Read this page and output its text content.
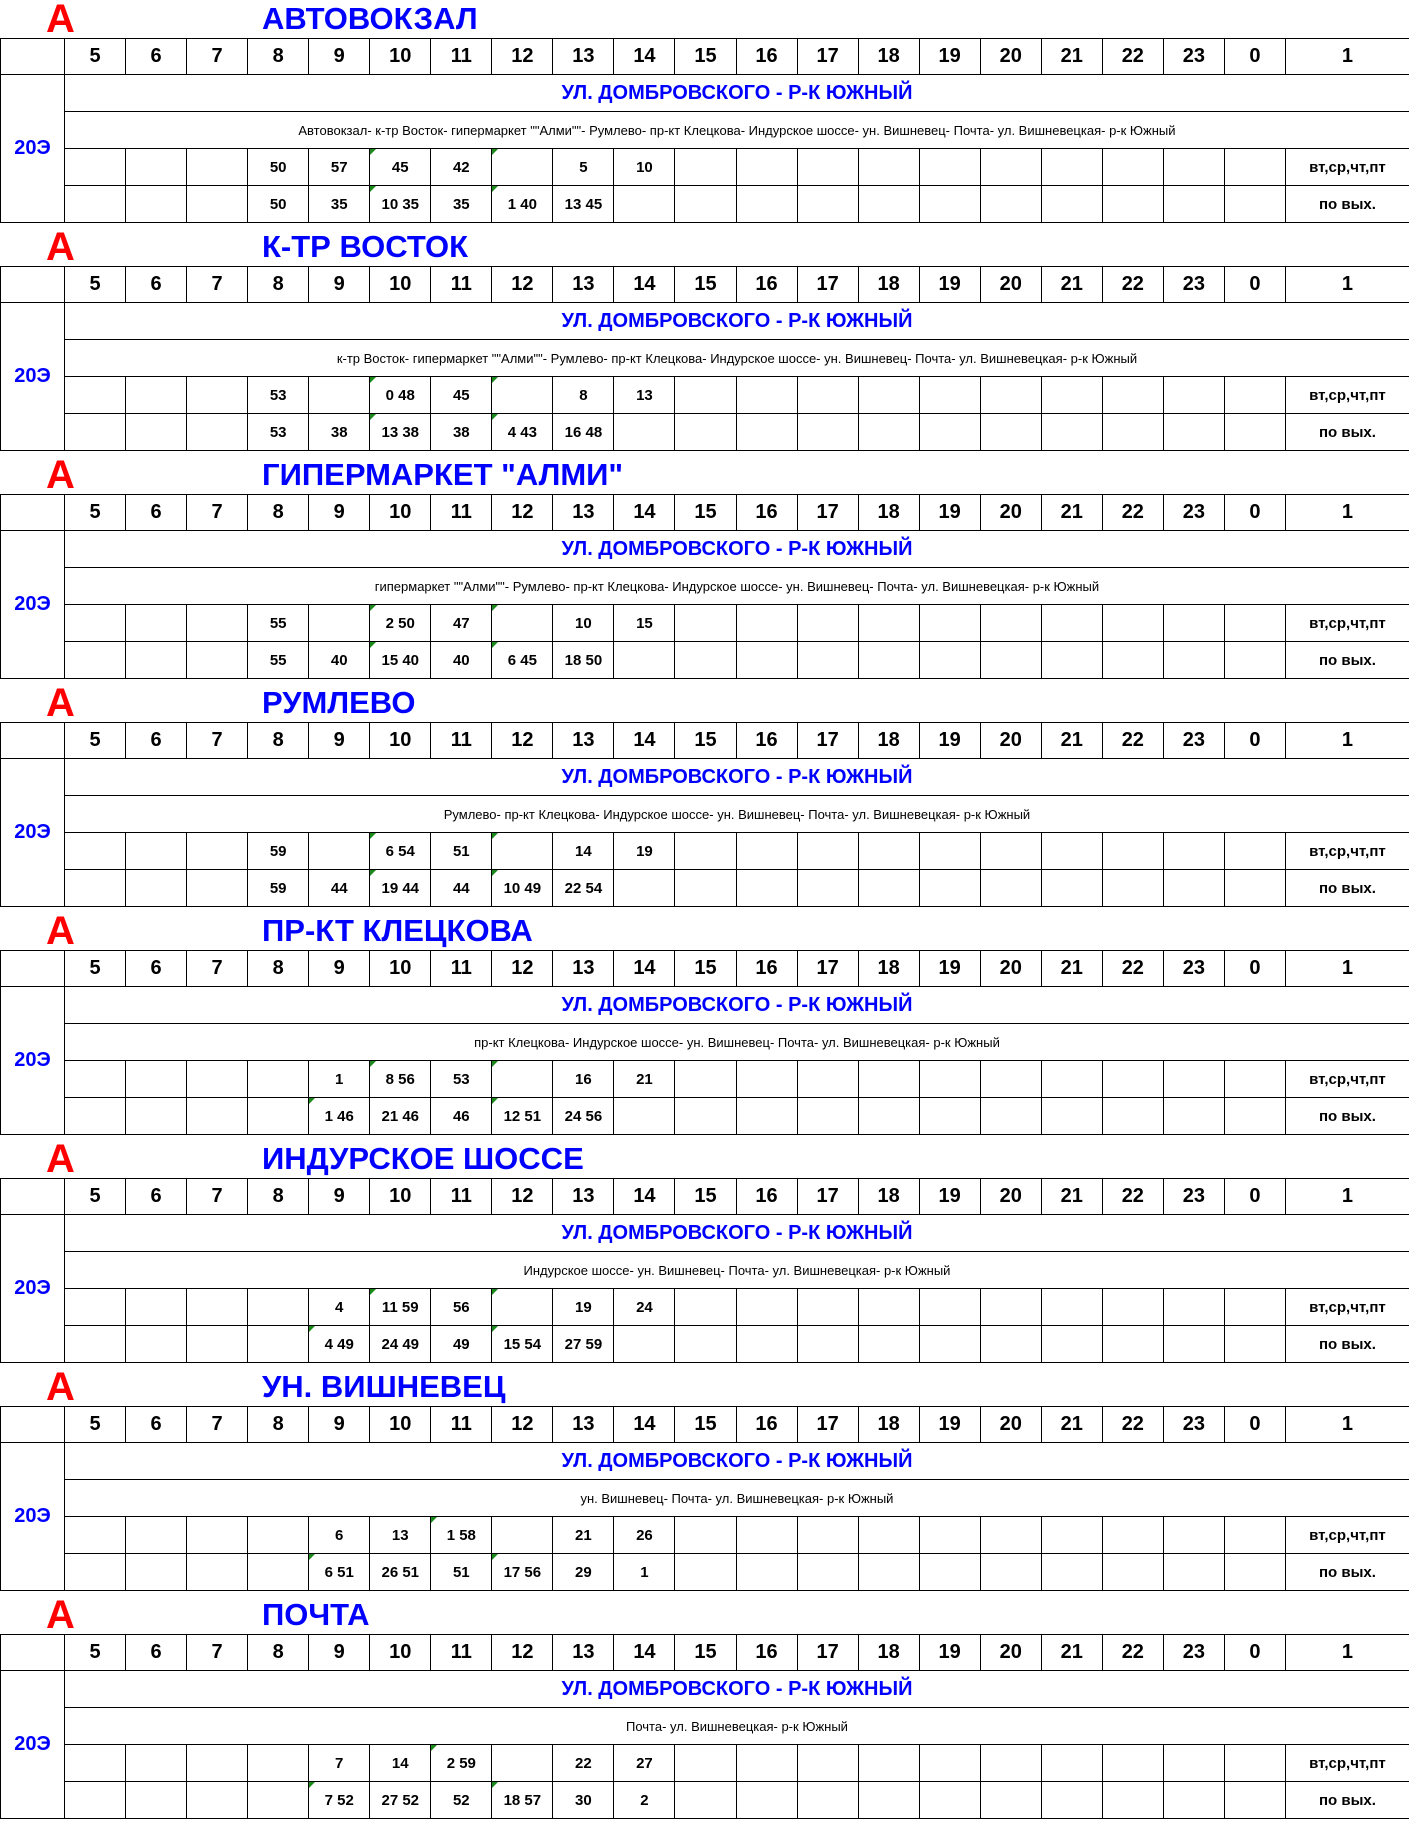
А	АВТОВОКЗАЛ
	5	6	7	8	9	10	11	12	13	14	15	16	17	18	19	20	21	22	23	0	1
20Э	УЛ. ДОМБРОВСКОГО - Р-К ЮЖНЫЙ																				
	Автовокзал- к-тр Восток- гипермаркет ""Алми""- Румлево- пр-кт Клецкова- Индурское шоссе- ун. Вишневец- Почта- ул. Вишневецкая- р-к Южный																				
				50	57	45	42		5	10											вт,ср,чт,пт
				50	35	10 35	35	1 40	13 45												по вых.
А	К-ТР ВОСТОК
	5	6	7	8	9	10	11	12	13	14	15	16	17	18	19	20	21	22	23	0	1
20Э	УЛ. ДОМБРОВСКОГО - Р-К ЮЖНЫЙ																				
	к-тр Восток- гипермаркет ""Алми""- Румлево- пр-кт Клецкова- Индурское шоссе- ун. Вишневец- Почта- ул. Вишневецкая- р-к Южный																				
				53		0 48	45		8	13											вт,ср,чт,пт
				53	38	13 38	38	4 43	16 48												по вых.
А	ГИПЕРМАРКЕТ "АЛМИ"
	5	6	7	8	9	10	11	12	13	14	15	16	17	18	19	20	21	22	23	0	1
20Э	УЛ. ДОМБРОВСКОГО - Р-К ЮЖНЫЙ																				
	гипермаркет ""Алми""- Румлево- пр-кт Клецкова- Индурское шоссе- ун. Вишневец- Почта- ул. Вишневецкая- р-к Южный																				
				55		2 50	47		10	15											вт,ср,чт,пт
				55	40	15 40	40	6 45	18 50												по вых.
А	РУМЛЕВО
	5	6	7	8	9	10	11	12	13	14	15	16	17	18	19	20	21	22	23	0	1
20Э	УЛ. ДОМБРОВСКОГО - Р-К ЮЖНЫЙ																				
	Румлево- пр-кт Клецкова- Индурское шоссе- ун. Вишневец- Почта- ул. Вишневецкая- р-к Южный																				
				59		6 54	51		14	19											вт,ср,чт,пт
				59	44	19 44	44	10 49	22 54												по вых.
А	ПР-КТ КЛЕЦКОВА
	5	6	7	8	9	10	11	12	13	14	15	16	17	18	19	20	21	22	23	0	1
20Э	УЛ. ДОМБРОВСКОГО - Р-К ЮЖНЫЙ																				
	пр-кт Клецкова- Индурское шоссе- ун. Вишневец- Почта- ул. Вишневецкая- р-к Южный																				
					1	8 56	53		16	21											вт,ср,чт,пт
					1 46	21 46	46	12 51	24 56												по вых.
А	ИНДУРСКОЕ ШОССЕ
	5	6	7	8	9	10	11	12	13	14	15	16	17	18	19	20	21	22	23	0	1
20Э	УЛ. ДОМБРОВСКОГО - Р-К ЮЖНЫЙ																				
	Индурское шоссе- ун. Вишневец- Почта- ул. Вишневецкая- р-к Южный																				
					4	11 59	56		19	24											вт,ср,чт,пт
					4 49	24 49	49	15 54	27 59												по вых.
А	УН. ВИШНЕВЕЦ
	5	6	7	8	9	10	11	12	13	14	15	16	17	18	19	20	21	22	23	0	1
20Э	УЛ. ДОМБРОВСКОГО - Р-К ЮЖНЫЙ																				
	ун. Вишневец- Почта- ул. Вишневецкая- р-к Южный																				
					6	13	1 58		21	26											вт,ср,чт,пт
					6 51	26 51	51	17 56	29	1											по вых.
А	ПОЧТА
	5	6	7	8	9	10	11	12	13	14	15	16	17	18	19	20	21	22	23	0	1
20Э	УЛ. ДОМБРОВСКОГО - Р-К ЮЖНЫЙ																				
	Почта- ул. Вишневецкая- р-к Южный																				
					7	14	2 59		22	27											вт,ср,чт,пт
					7 52	27 52	52	18 57	30	2											по вых.
